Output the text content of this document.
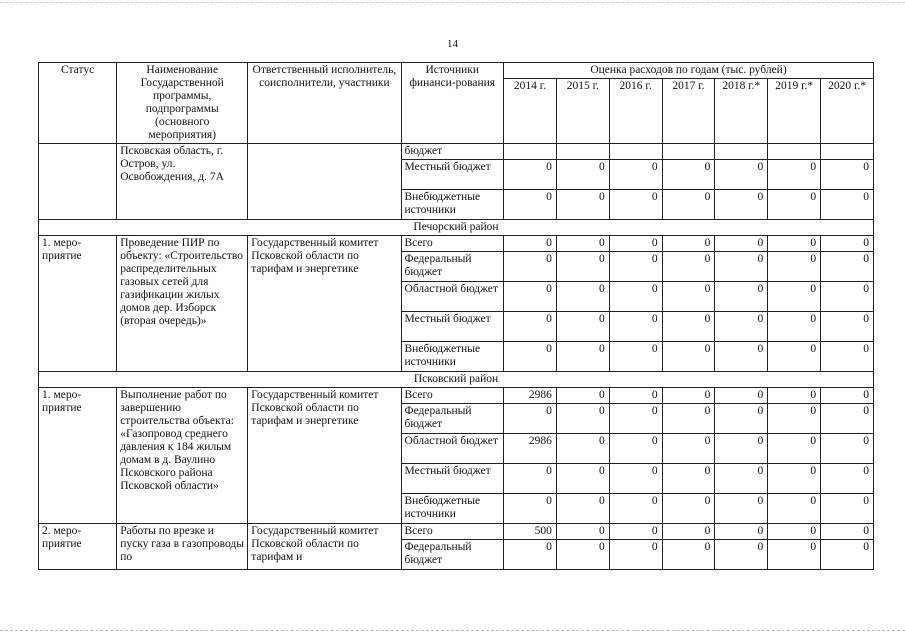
14
Статус	Наименование Государственной программы, подпрограммы (основного мероприятия)	Ответственный исполнитель, соисполнители, участники	Источники финанси-рования	Оценка расходов по годам (тыс. рублей)						
				2014 г.	2015 г.	2016 г.	2017 г.	2018 г.*	2019 г.*	2020 г.*
	Псковская область, г. Остров, ул. Освобождения, д. 7А		бюджет							
			Местный бюджет	0	0	0	0	0	0	0
			Внебюджетные источники	0	0	0	0	0	0	0
Печорский район										
1. меро-приятие	Проведение ПИР по объекту: «Строительство распределительных газовых сетей для газификации жилых домов дер. Изборск (вторая очередь)»	Государственный комитет Псковской области по тарифам и энергетике	Всего	0	0	0	0	0	0	0
			Федеральный бюджет	0	0	0	0	0	0	0
			Областной бюджет	0	0	0	0	0	0	0
			Местный бюджет	0	0	0	0	0	0	0
			Внебюджетные источники	0	0	0	0	0	0	0
Псковский район										
1. меро-приятие	Выполнение работ по завершению строительства объекта: «Газопровод среднего давления к 184 жилым домам в д. Ваулино Псковского района Псковской области»	Государственный комитет Псковской области по тарифам и энергетике	Всего	2986	0	0	0	0	0	0
			Федеральный бюджет	0	0	0	0	0	0	0
			Областной бюджет	2986	0	0	0	0	0	0
			Местный бюджет	0	0	0	0	0	0	0
			Внебюджетные источники	0	0	0	0	0	0	0
2. меро-приятие	Работы по врезке и пуску газа в газопроводы по	Государственный комитет Псковской области по тарифам и	Всего	500	0	0	0	0	0	0
			Федеральный бюджет	0	0	0	0	0	0	0
